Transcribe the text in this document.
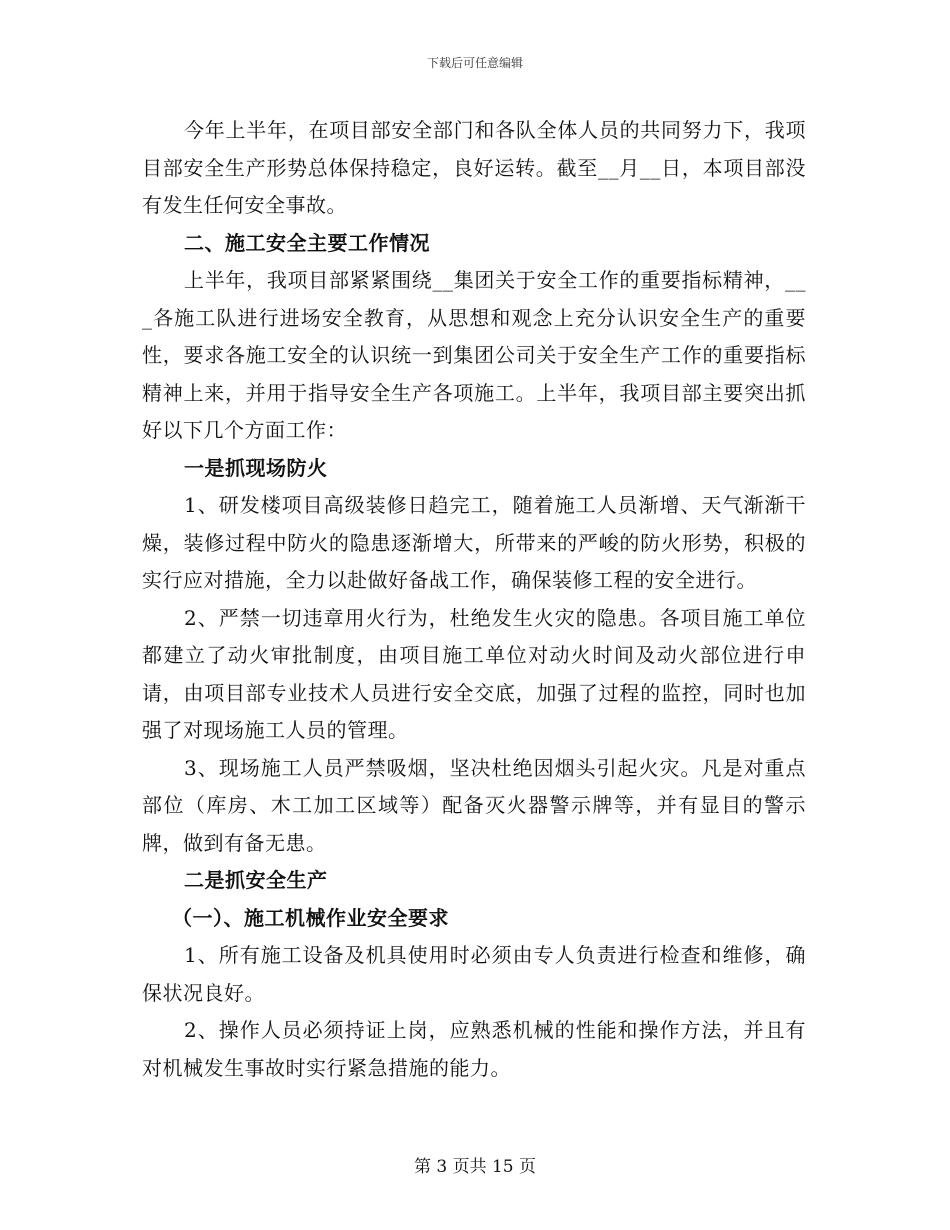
下载后可任意编辑

今年上半年，在项目部安全部门和各队全体人员的共同努力下，我项目部安全生产形势总体保持稳定，良好运转。截至__月__日，本项目部没有发生任何安全事故。

二、施工安全主要工作情况

上半年，我项目部紧紧围绕__集团关于安全工作的重要指标精神，___各施工队进行进场安全教育，从思想和观念上充分认识安全生产的重要性，要求各施工安全的认识统一到集团公司关于安全生产工作的重要指标精神上来，并用于指导安全生产各项施工。上半年，我项目部主要突出抓好以下几个方面工作：

一是抓现场防火

1、研发楼项目高级装修日趋完工，随着施工人员渐增、天气渐渐干燥，装修过程中防火的隐患逐渐增大，所带来的严峻的防火形势，积极的实行应对措施，全力以赴做好备战工作，确保装修工程的安全进行。

2、严禁一切违章用火行为，杜绝发生火灾的隐患。各项目施工单位都建立了动火审批制度，由项目施工单位对动火时间及动火部位进行申请，由项目部专业技术人员进行安全交底，加强了过程的监控，同时也加强了对现场施工人员的管理。

3、现场施工人员严禁吸烟，坚决杜绝因烟头引起火灾。凡是对重点部位（库房、木工加工区域等）配备灭火器警示牌等，并有显目的警示牌，做到有备无患。

二是抓安全生产

（一）、施工机械作业安全要求

1、所有施工设备及机具使用时必须由专人负责进行检查和维修，确保状况良好。

2、操作人员必须持证上岗，应熟悉机械的性能和操作方法，并且有对机械发生事故时实行紧急措施的能力。

第 3 页共 15 页
